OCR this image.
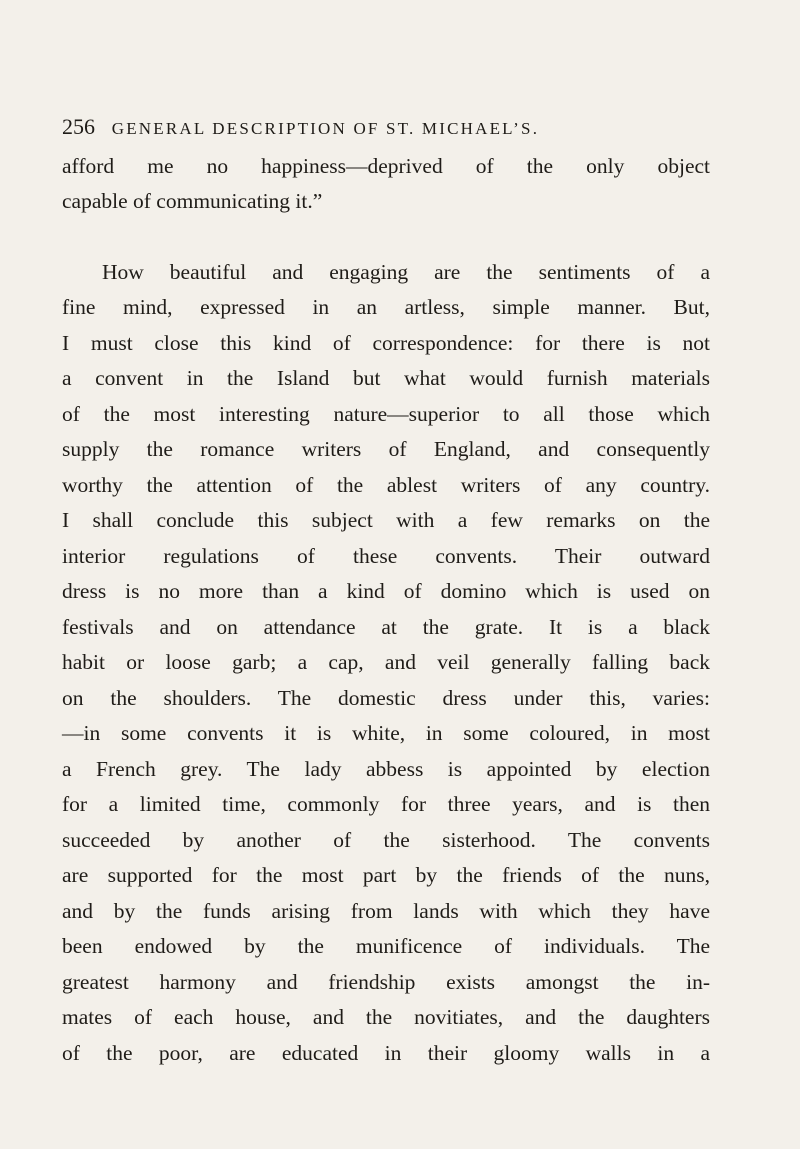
256 GENERAL DESCRIPTION OF ST. MICHAEL’S.
afford me no happiness—deprived of the only object
capable of communicating it.”
How beautiful and engaging are the sentiments of a
fine mind, expressed in an artless, simple manner. But,
I must close this kind of correspondence: for there is not
a convent in the Island but what would furnish materials
of the most interesting nature—superior to all those which
supply the romance writers of England, and consequently
worthy the attention of the ablest writers of any country.
I shall conclude this subject with a few remarks on the
interior regulations of these convents. Their outward
dress is no more than a kind of domino which is used on
festivals and on attendance at the grate. It is a black
habit or loose garb; a cap, and veil generally falling back
on the shoulders. The domestic dress under this, varies:
—in some convents it is white, in some coloured, in most
a French grey. The lady abbess is appointed by election
for a limited time, commonly for three years, and is then
succeeded by another of the sisterhood. The convents
are supported for the most part by the friends of the nuns,
and by the funds arising from lands with which they have
been endowed by the munificence of individuals. The
greatest harmony and friendship exists amongst the in-
mates of each house, and the novitiates, and the daughters
of the poor, are educated in their gloomy walls in a
